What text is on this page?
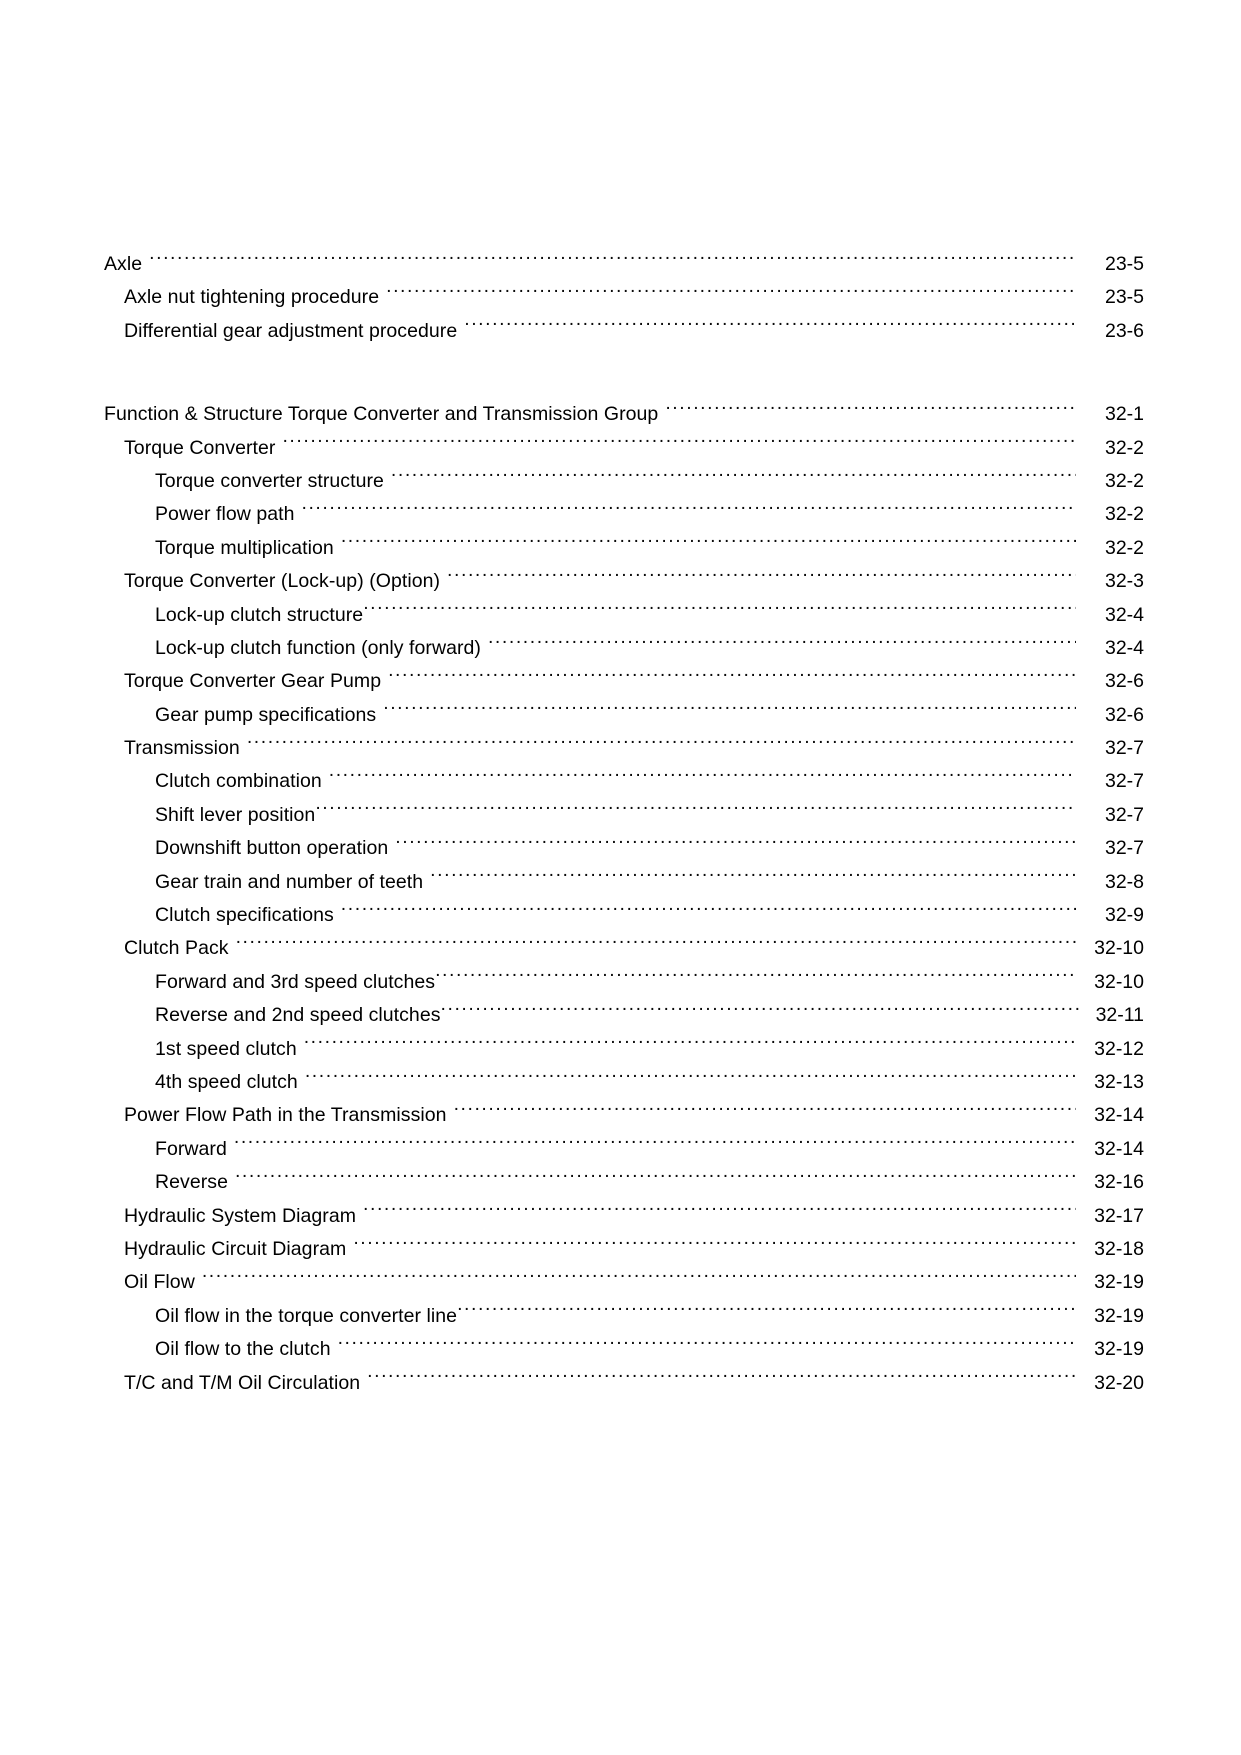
Axle .....	23-5
Axle nut tightening procedure .....	23-5
Differential gear adjustment procedure .....	23-6
Function & Structure Torque Converter and Transmission Group .....	32-1
Torque Converter .....	32-2
Torque converter structure .....	32-2
Power flow path .....	32-2
Torque multiplication .....	32-2
Torque Converter (Lock-up) (Option) .....	32-3
Lock-up clutch structure .....	32-4
Lock-up clutch function (only forward) .....	32-4
Torque Converter Gear Pump .....	32-6
Gear pump specifications .....	32-6
Transmission .....	32-7
Clutch combination .....	32-7
Shift lever position .....	32-7
Downshift button operation .....	32-7
Gear train and number of teeth .....	32-8
Clutch specifications .....	32-9
Clutch Pack .....	32-10
Forward and 3rd speed clutches .....	32-10
Reverse and 2nd speed clutches .....	32-11
1st speed clutch .....	32-12
4th speed clutch .....	32-13
Power Flow Path in the Transmission .....	32-14
Forward .....	32-14
Reverse .....	32-16
Hydraulic System Diagram .....	32-17
Hydraulic Circuit Diagram .....	32-18
Oil Flow .....	32-19
Oil flow in the torque converter line .....	32-19
Oil flow to the clutch .....	32-19
T/C and T/M Oil Circulation .....	32-20
